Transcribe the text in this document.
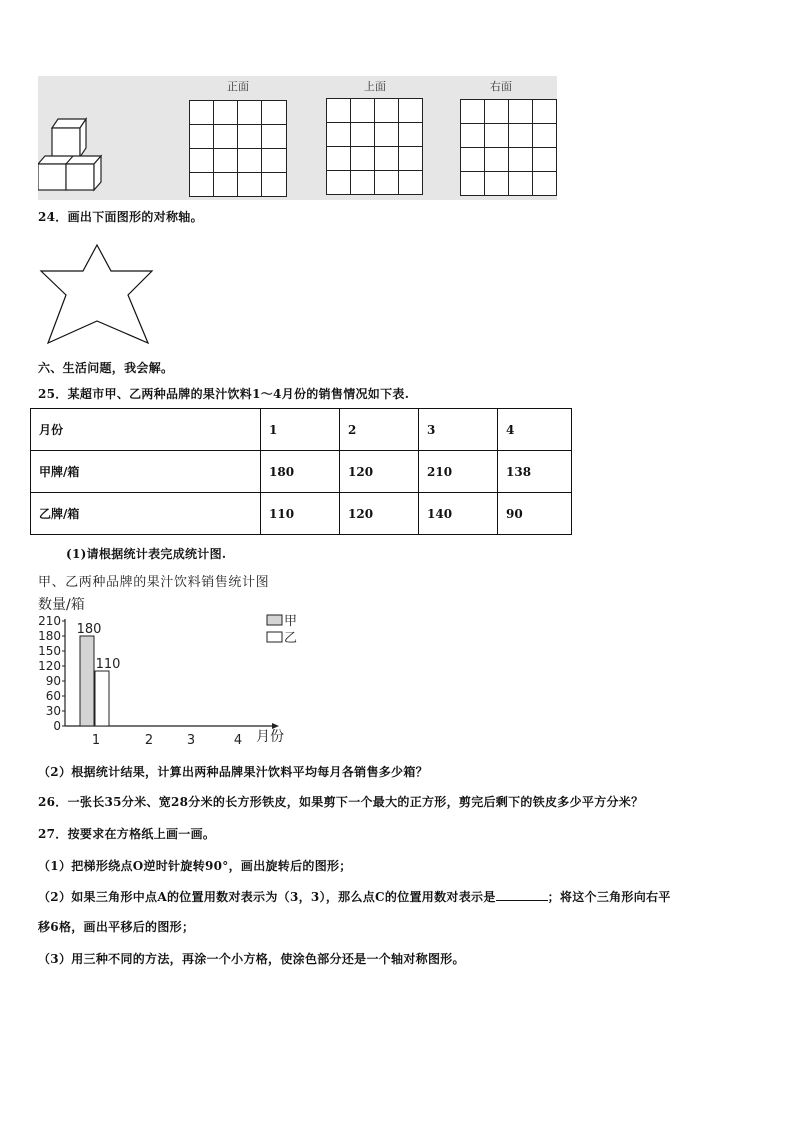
正面	上面	右面
24．画出下面图形的对称轴。
六、生活问题，我会解。
25．某超市甲、乙两种品牌的果汁饮料1～4月份的销售情况如下表.
月份	1	2	3	4
甲牌/箱	180	120	210	138
乙牌/箱	110	120	140	90
(1)请根据统计表完成统计图.
甲、乙两种品牌的果汁饮料销售统计图
数量/箱
月份
0
30
60
90
120
150
180
210
1	2	3	4
180
110
甲
乙
（2）根据统计结果，计算出两种品牌果汁饮料平均每月各销售多少箱？
26．一张长35分米、宽28分米的长方形铁皮，如果剪下一个最大的正方形，剪完后剩下的铁皮多少平方分米？
27．按要求在方格纸上画一画。
（1）把梯形绕点O逆时针旋转90°，画出旋转后的图形；
（2）如果三角形中点A的位置用数对表示为（3，3），那么点C的位置用数对表示是	；将这个三角形向右平
移6格，画出平移后的图形；
（3）用三种不同的方法，再涂一个小方格，使涂色部分还是一个轴对称图形。
